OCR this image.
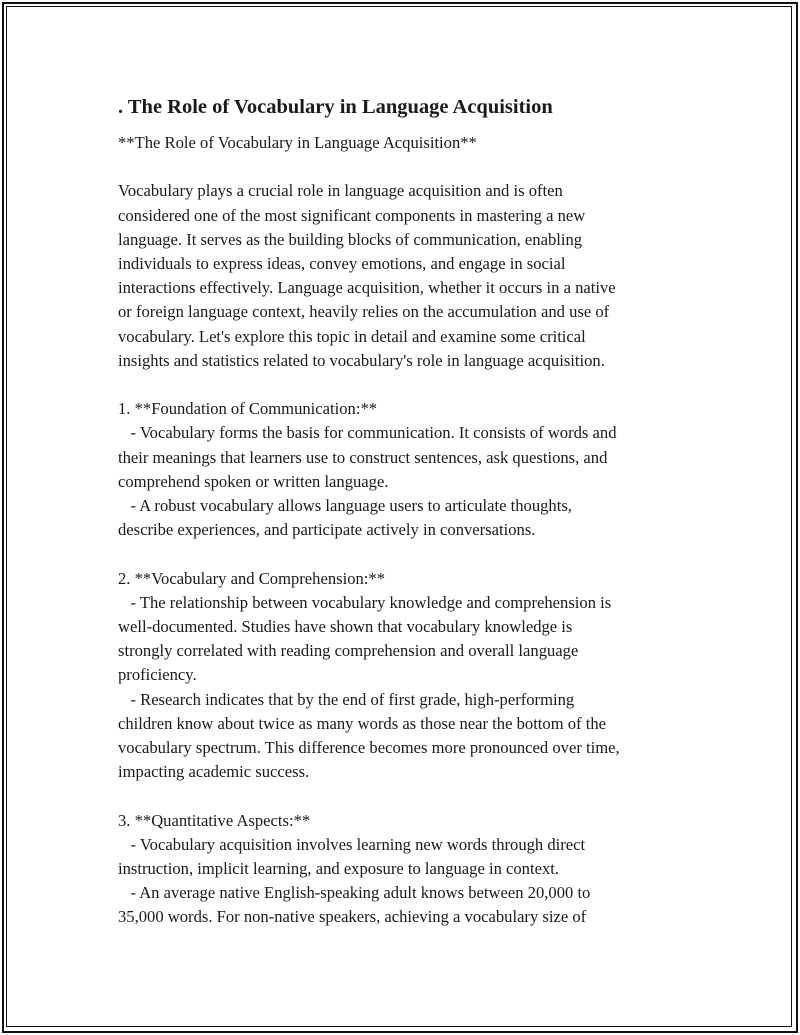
. The Role of Vocabulary in Language Acquisition
**The Role of Vocabulary in Language Acquisition**
Vocabulary plays a crucial role in language acquisition and is often
considered one of the most significant components in mastering a new
language. It serves as the building blocks of communication, enabling
individuals to express ideas, convey emotions, and engage in social
interactions effectively. Language acquisition, whether it occurs in a native
or foreign language context, heavily relies on the accumulation and use of
vocabulary. Let's explore this topic in detail and examine some critical
insights and statistics related to vocabulary's role in language acquisition.
1. **Foundation of Communication:**
- Vocabulary forms the basis for communication. It consists of words and
their meanings that learners use to construct sentences, ask questions, and
comprehend spoken or written language.
- A robust vocabulary allows language users to articulate thoughts,
describe experiences, and participate actively in conversations.
2. **Vocabulary and Comprehension:**
- The relationship between vocabulary knowledge and comprehension is
well-documented. Studies have shown that vocabulary knowledge is
strongly correlated with reading comprehension and overall language
proficiency.
- Research indicates that by the end of first grade, high-performing
children know about twice as many words as those near the bottom of the
vocabulary spectrum. This difference becomes more pronounced over time,
impacting academic success.
3. **Quantitative Aspects:**
- Vocabulary acquisition involves learning new words through direct
instruction, implicit learning, and exposure to language in context.
- An average native English-speaking adult knows between 20,000 to
35,000 words. For non-native speakers, achieving a vocabulary size of
